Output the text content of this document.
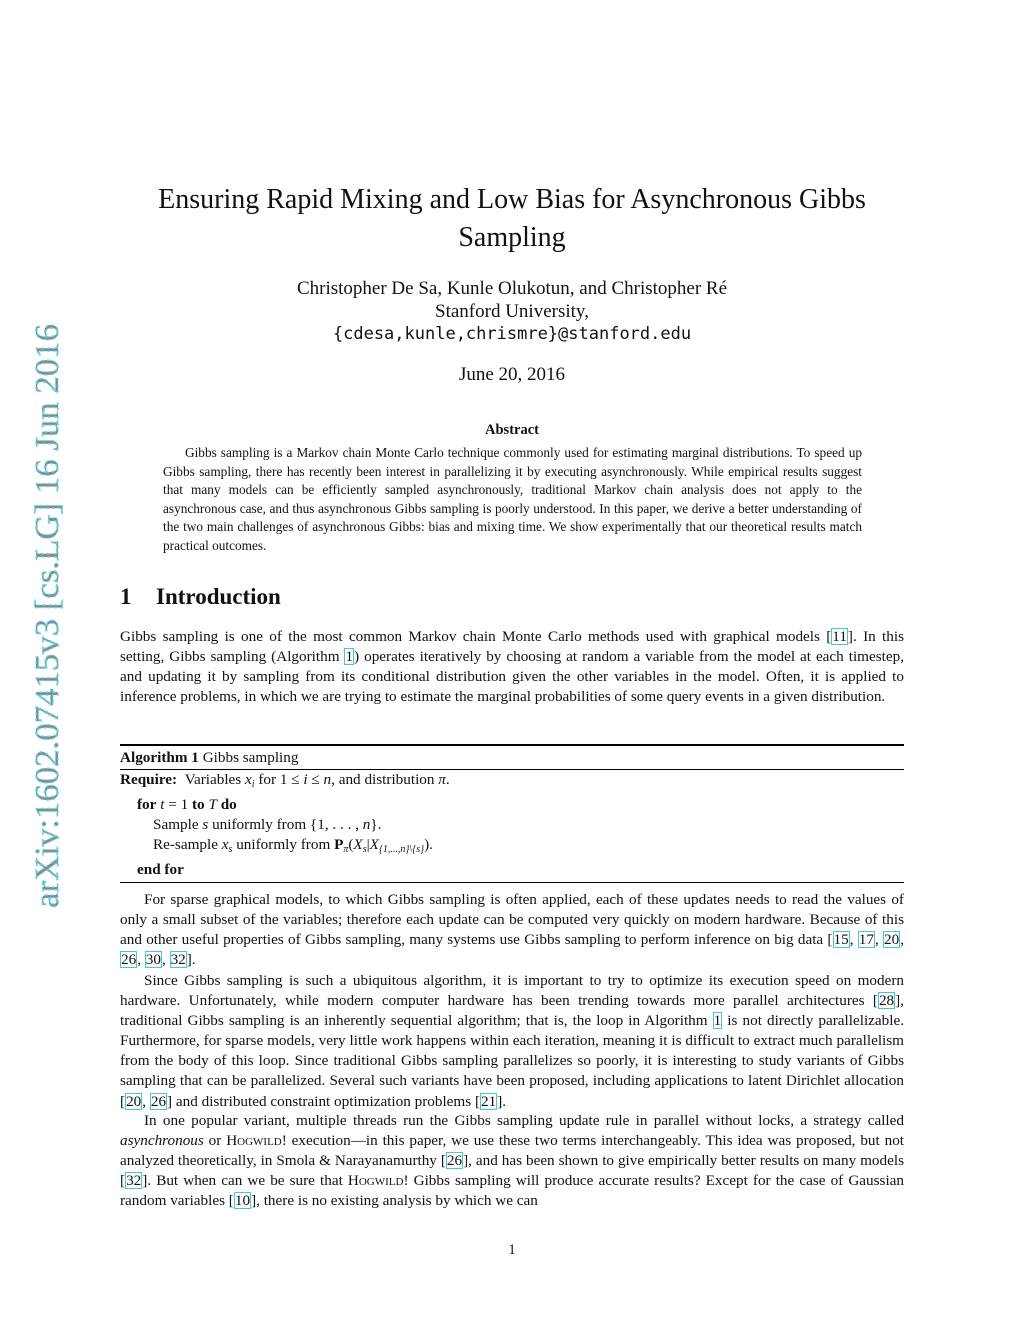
arXiv:1602.07415v3 [cs.LG] 16 Jun 2016
Ensuring Rapid Mixing and Low Bias for Asynchronous Gibbs Sampling
Christopher De Sa, Kunle Olukotun, and Christopher Ré
Stanford University,
{cdesa,kunle,chrismre}@stanford.edu
June 20, 2016
Abstract
Gibbs sampling is a Markov chain Monte Carlo technique commonly used for estimating marginal distributions. To speed up Gibbs sampling, there has recently been interest in parallelizing it by executing asynchronously. While empirical results suggest that many models can be efficiently sampled asynchronously, traditional Markov chain analysis does not apply to the asynchronous case, and thus asynchronous Gibbs sampling is poorly understood. In this paper, we derive a better understanding of the two main challenges of asynchronous Gibbs: bias and mixing time. We show experimentally that our theoretical results match practical outcomes.
1 Introduction

Gibbs sampling is one of the most common Markov chain Monte Carlo methods used with graphical models [11]. In this setting, Gibbs sampling (Algorithm 1) operates iteratively by choosing at random a variable from the model at each timestep, and updating it by sampling from its conditional distribution given the other variables in the model. Often, it is applied to inference problems, in which we are trying to estimate the marginal probabilities of some query events in a given distribution.

Algorithm 1 Gibbs sampling
Require: Variables $x_i$ for 1 ≤ i ≤ n, and distribution π.
for t = 1 to T do
Sample s uniformly from {1, . . . , n}.
Re-sample $x_s$ uniformly from $P_\pi(X_s|X_{\{1,...,n\}\backslash\{s\}})$.
end for

For sparse graphical models, to which Gibbs sampling is often applied, each of these updates needs to read the values of only a small subset of the variables; therefore each update can be computed very quickly on modern hardware. Because of this and other useful properties of Gibbs sampling, many systems use Gibbs sampling to perform inference on big data [15, 17, 20, 26, 30, 32].

Since Gibbs sampling is such a ubiquitous algorithm, it is important to try to optimize its execution speed on modern hardware. Unfortunately, while modern computer hardware has been trending towards more parallel architectures [28], traditional Gibbs sampling is an inherently sequential algorithm; that is, the loop in Algorithm 1 is not directly parallelizable. Furthermore, for sparse models, very little work happens within each iteration, meaning it is difficult to extract much parallelism from the body of this loop. Since traditional Gibbs sampling parallelizes so poorly, it is interesting to study variants of Gibbs sampling that can be parallelized. Several such variants have been proposed, including applications to latent Dirichlet allocation [20, 26] and distributed constraint optimization problems [21].

In one popular variant, multiple threads run the Gibbs sampling update rule in parallel without locks, a strategy called asynchronous or Hogwild! execution—in this paper, we use these two terms interchangeably. This idea was proposed, but not analyzed theoretically, in Smola & Narayanamurthy [26], and has been shown to give empirically better results on many models [32]. But when can we be sure that Hogwild! Gibbs sampling will produce accurate results? Except for the case of Gaussian random variables [10], there is no existing analysis by which we can

1
